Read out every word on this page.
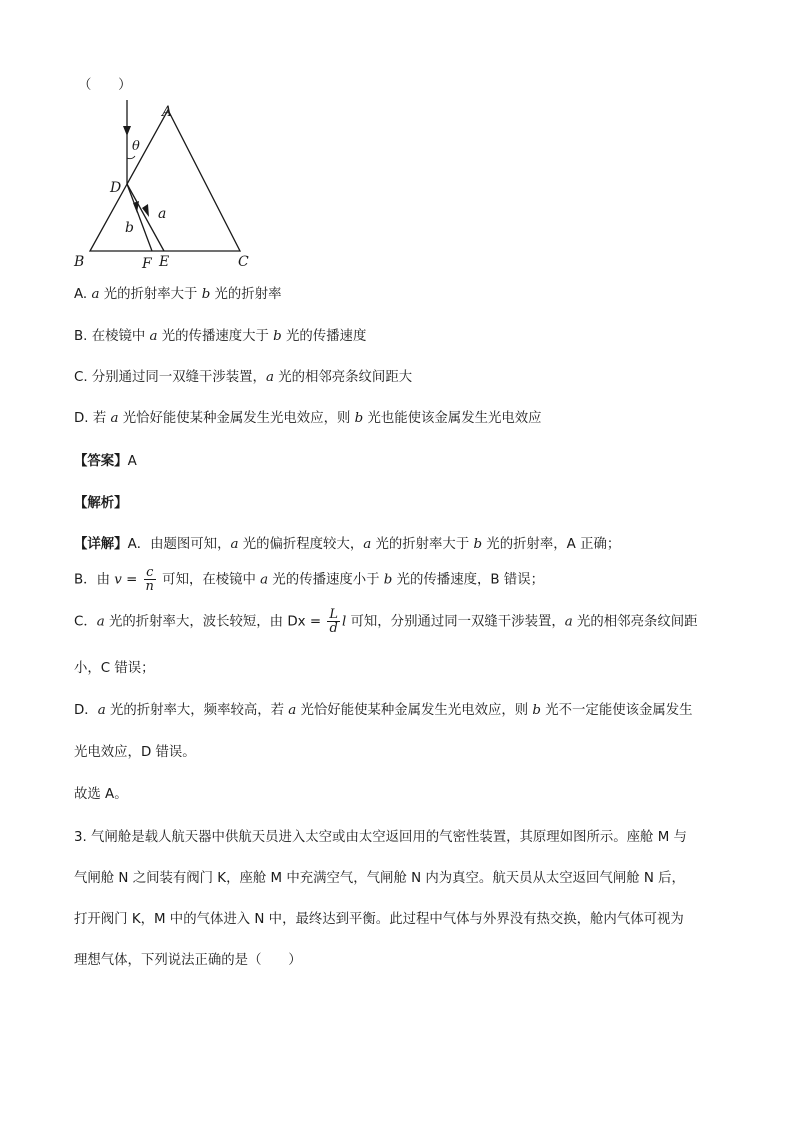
（　　）
A
θ
D
a
b
B	F E	C
A. a 光的折射率大于 b 光的折射率
B. 在棱镜中 a 光的传播速度大于 b 光的传播速度
C. 分别通过同一双缝干涉装置，a 光的相邻亮条纹间距大
D. 若 a 光恰好能使某种金属发生光电效应，则 b 光也能使该金属发生光电效应
【答案】A
【解析】
【详解】A．由题图可知，a 光的偏折程度较大，a 光的折射率大于 b 光的折射率，A 正确；
B．由 $v = \frac{c}{n}$ 可知，在棱镜中 a 光的传播速度小于 b 光的传播速度，B 错误；
C．a 光的折射率大，波长较短，由 $Dx = \frac{L}{d}$ l 可知，分别通过同一双缝干涉装置，a 光的相邻亮条纹间距
小，C 错误；
D．a 光的折射率大，频率较高，若 a 光恰好能使某种金属发生光电效应，则 b 光不一定能使该金属发生
光电效应，D 错误。
故选 A。
3. 气闸舱是载人航天器中供航天员进入太空或由太空返回用的气密性装置，其原理如图所示。座舱 M 与
气闸舱 N 之间装有阀门 K，座舱 M 中充满空气，气闸舱 N 内为真空。航天员从太空返回气闸舱 N 后，
打开阀门 K，M 中的气体进入 N 中，最终达到平衡。此过程中气体与外界没有热交换，舱内气体可视为
理想气体，下列说法正确的是（　　）
